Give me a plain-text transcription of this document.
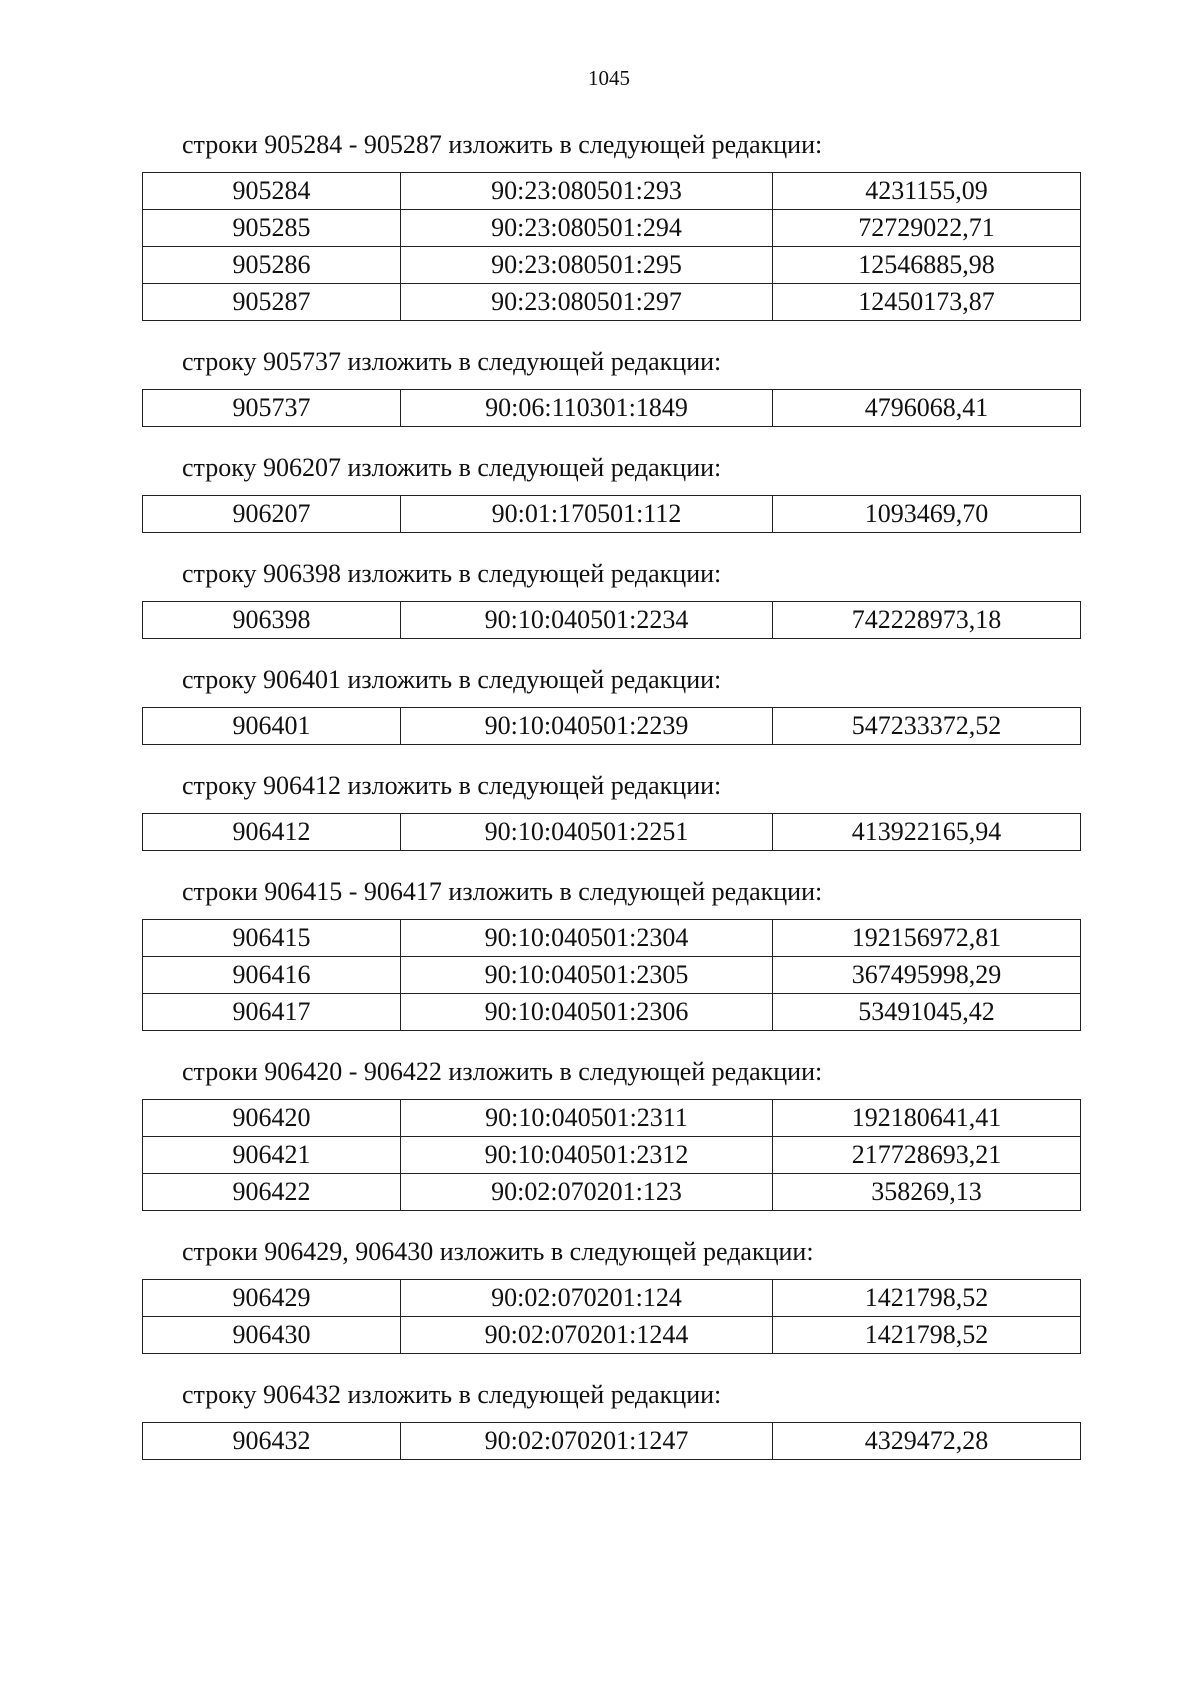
1045

строки 905284 - 905287 изложить в следующей редакции:

905284	90:23:080501:293	4231155,09
905285	90:23:080501:294	72729022,71
905286	90:23:080501:295	12546885,98
905287	90:23:080501:297	12450173,87

строку 905737 изложить в следующей редакции:

905737	90:06:110301:1849	4796068,41

строку 906207 изложить в следующей редакции:

906207	90:01:170501:112	1093469,70

строку 906398 изложить в следующей редакции:

906398	90:10:040501:2234	742228973,18

строку 906401 изложить в следующей редакции:

906401	90:10:040501:2239	547233372,52

строку 906412 изложить в следующей редакции:

906412	90:10:040501:2251	413922165,94

строки 906415 - 906417 изложить в следующей редакции:

906415	90:10:040501:2304	192156972,81
906416	90:10:040501:2305	367495998,29
906417	90:10:040501:2306	53491045,42

строки 906420 - 906422 изложить в следующей редакции:

906420	90:10:040501:2311	192180641,41
906421	90:10:040501:2312	217728693,21
906422	90:02:070201:123	358269,13

строки 906429, 906430 изложить в следующей редакции:

906429	90:02:070201:124	1421798,52
906430	90:02:070201:1244	1421798,52

строку 906432 изложить в следующей редакции:

906432	90:02:070201:1247	4329472,28
